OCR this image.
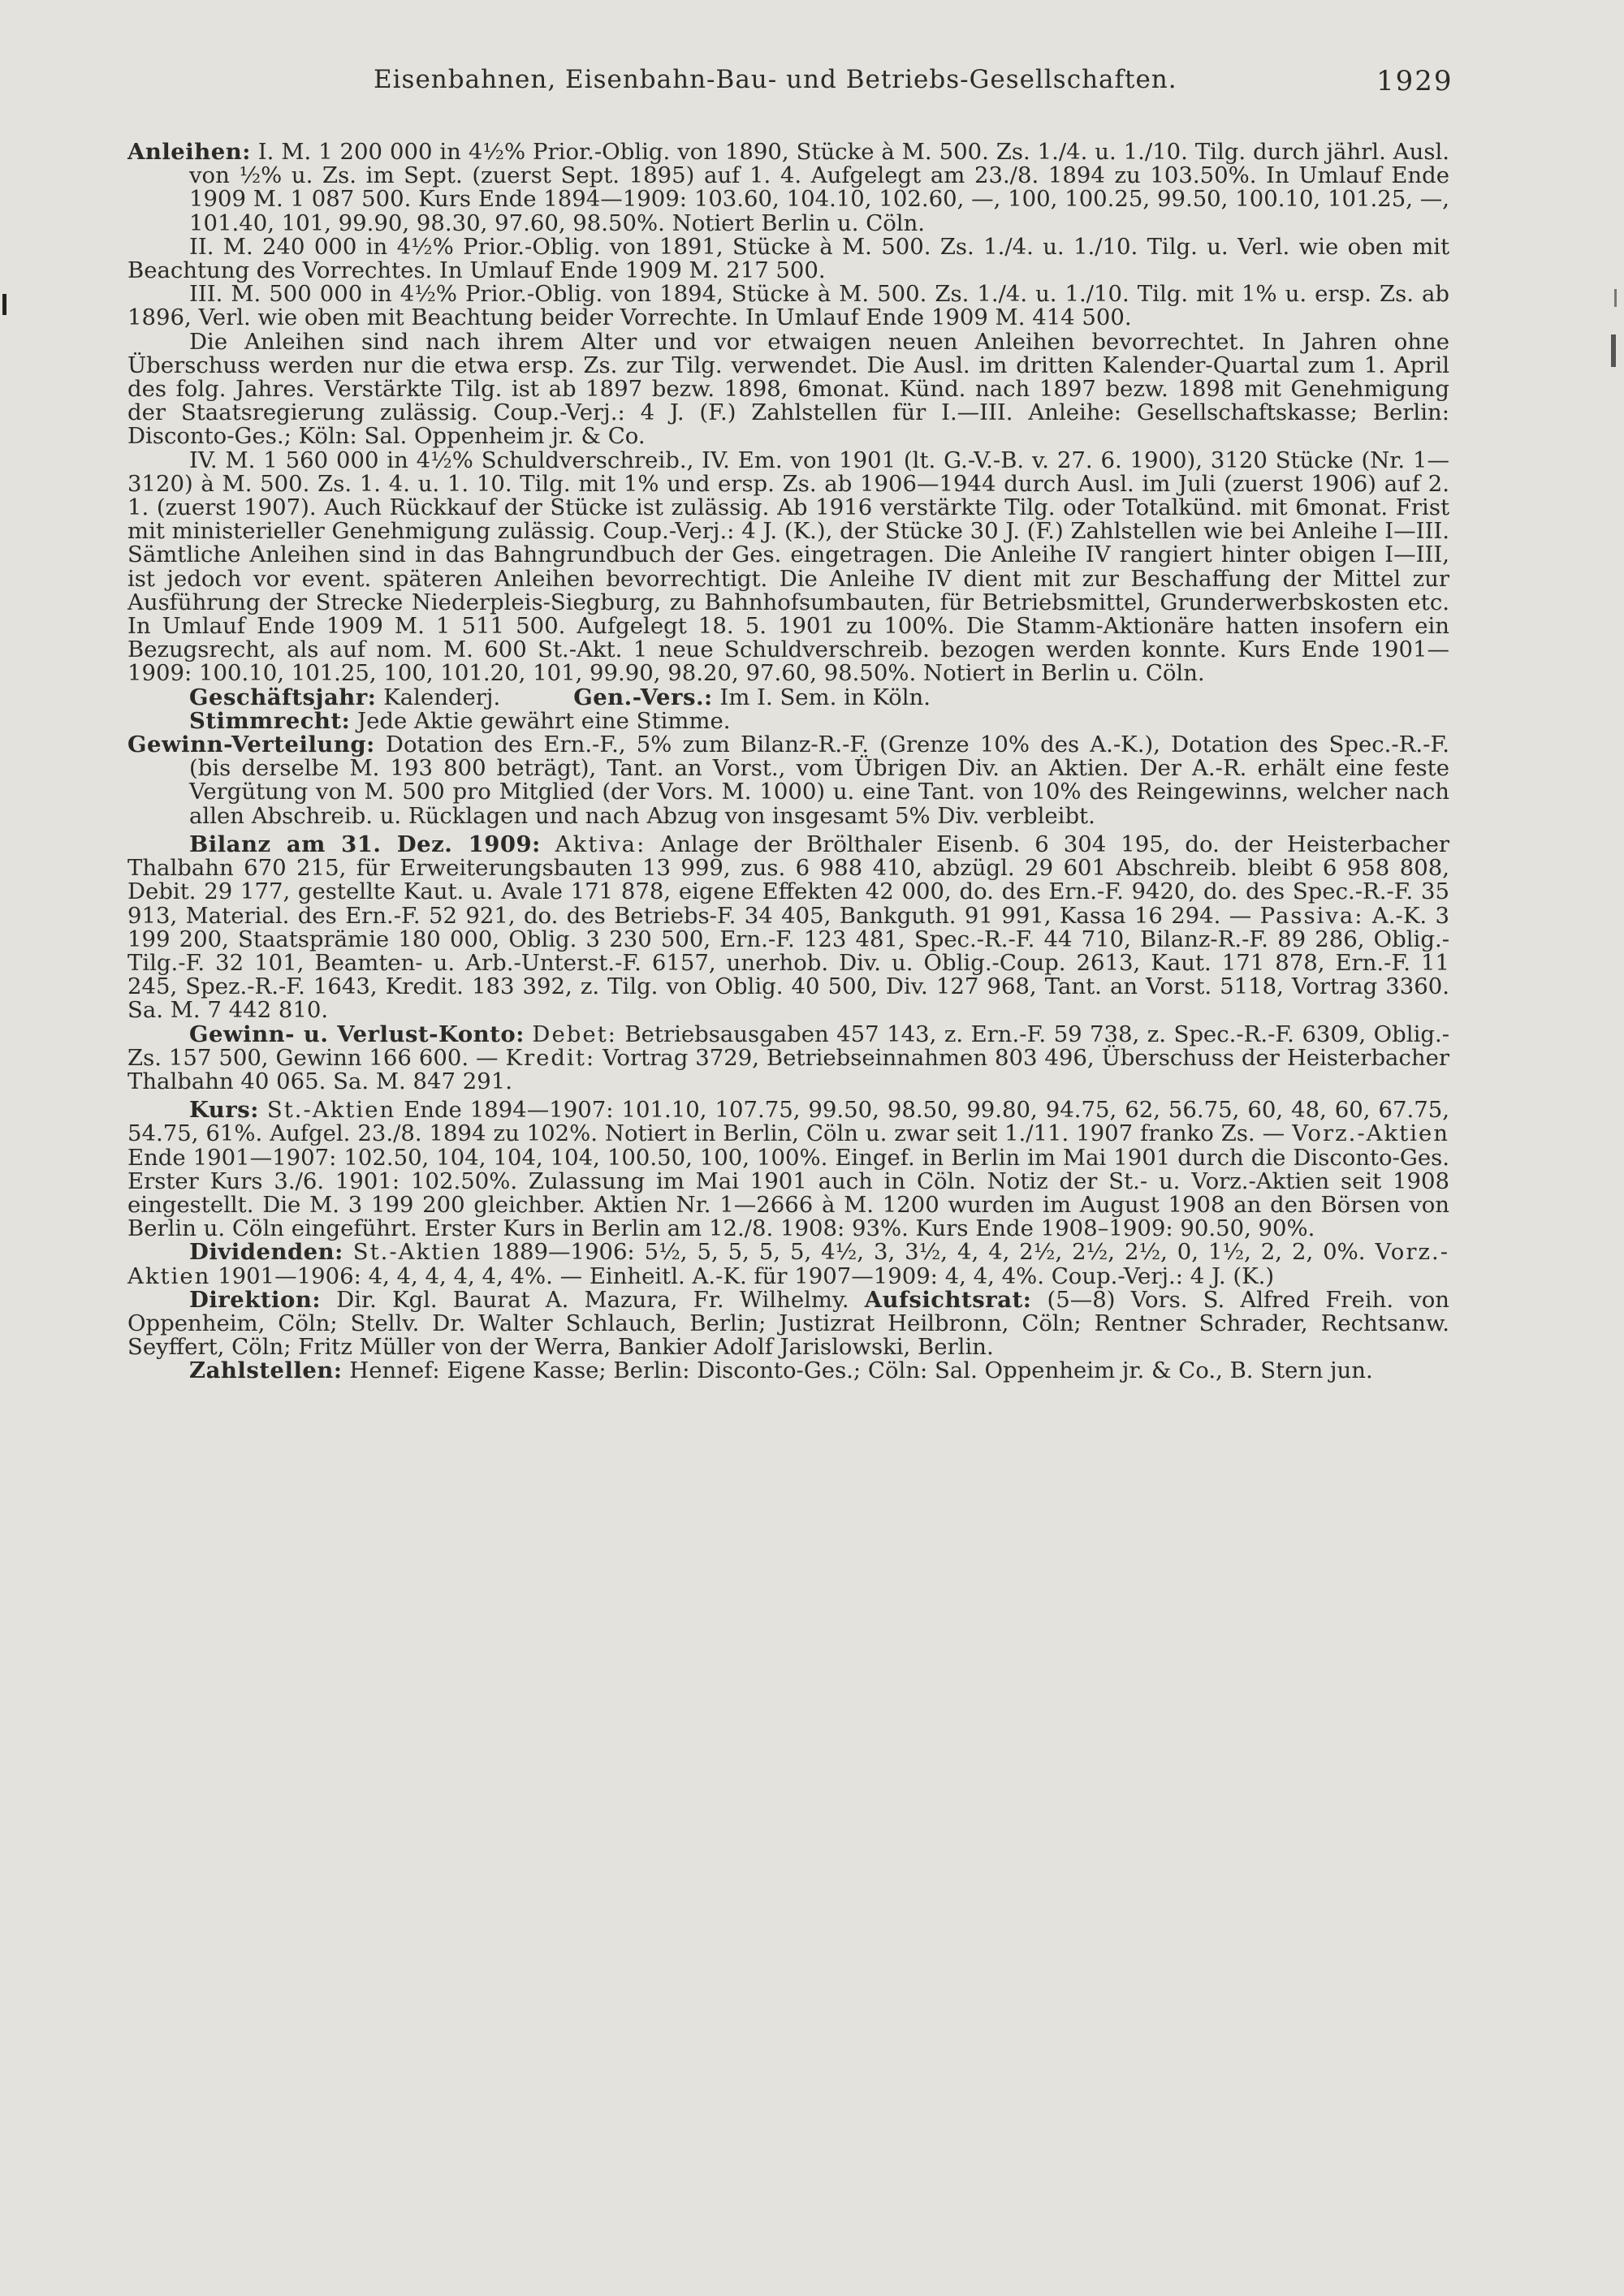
Eisenbahnen, Eisenbahn-Bau- und Betriebs-Gesellschaften.	1929

Anleihen: I. M. 1 200 000 in 4½% Prior.-Oblig. von 1890, Stücke à M. 500. Zs. 1./4. u. 1./10. Tilg. durch jährl. Ausl. von ½% u. Zs. im Sept. (zuerst Sept. 1895) auf 1. 4. Aufgelegt am 23./8. 1894 zu 103.50%. In Umlauf Ende 1909 M. 1 087 500. Kurs Ende 1894—1909: 103.60, 104.10, 102.60, —, 100, 100.25, 99.50, 100.10, 101.25, —, 101.40, 101, 99.90, 98.30, 97.60, 98.50%. Notiert Berlin u. Cöln.

II. M. 240 000 in 4½% Prior.-Oblig. von 1891, Stücke à M. 500. Zs. 1./4. u. 1./10. Tilg. u. Verl. wie oben mit Beachtung des Vorrechtes. In Umlauf Ende 1909 M. 217 500.

III. M. 500 000 in 4½% Prior.-Oblig. von 1894, Stücke à M. 500. Zs. 1./4. u. 1./10. Tilg. mit 1% u. ersp. Zs. ab 1896, Verl. wie oben mit Beachtung beider Vorrechte. In Umlauf Ende 1909 M. 414 500.

Die Anleihen sind nach ihrem Alter und vor etwaigen neuen Anleihen bevorrechtet. In Jahren ohne Überschuss werden nur die etwa ersp. Zs. zur Tilg. verwendet. Die Ausl. im dritten Kalender-Quartal zum 1. April des folg. Jahres. Verstärkte Tilg. ist ab 1897 bezw. 1898, 6monat. Künd. nach 1897 bezw. 1898 mit Genehmigung der Staatsregierung zulässig. Coup.-Verj.: 4 J. (F.) Zahlstellen für I.—III. Anleihe: Gesellschaftskasse; Berlin: Disconto-Ges.; Köln: Sal. Oppenheim jr. & Co.

IV. M. 1 560 000 in 4½% Schuldverschreib., IV. Em. von 1901 (lt. G.-V.-B. v. 27. 6. 1900), 3120 Stücke (Nr. 1—3120) à M. 500. Zs. 1. 4. u. 1. 10. Tilg. mit 1% und ersp. Zs. ab 1906—1944 durch Ausl. im Juli (zuerst 1906) auf 2. 1. (zuerst 1907). Auch Rückkauf der Stücke ist zulässig. Ab 1916 verstärkte Tilg. oder Totalkünd. mit 6monat. Frist mit ministerieller Genehmigung zulässig. Coup.-Verj.: 4 J. (K.), der Stücke 30 J. (F.) Zahlstellen wie bei Anleihe I—III. Sämtliche Anleihen sind in das Bahngrundbuch der Ges. eingetragen. Die Anleihe IV rangiert hinter obigen I—III, ist jedoch vor event. späteren Anleihen bevorrechtigt. Die Anleihe IV dient mit zur Beschaffung der Mittel zur Ausführung der Strecke Niederpleis-Siegburg, zu Bahnhofsumbauten, für Betriebsmittel, Grunderwerbskosten etc. In Umlauf Ende 1909 M. 1 511 500. Aufgelegt 18. 5. 1901 zu 100%. Die Stamm-Aktionäre hatten insofern ein Bezugsrecht, als auf nom. M. 600 St.-Akt. 1 neue Schuldverschreib. bezogen werden konnte. Kurs Ende 1901—1909: 100.10, 101.25, 100, 101.20, 101, 99.90, 98.20, 97.60, 98.50%. Notiert in Berlin u. Cöln.

Geschäftsjahr: Kalenderj.	Gen.-Vers.: Im I. Sem. in Köln.

Stimmrecht: Jede Aktie gewährt eine Stimme.

Gewinn-Verteilung: Dotation des Ern.-F., 5% zum Bilanz-R.-F. (Grenze 10% des A.-K.), Dotation des Spec.-R.-F. (bis derselbe M. 193 800 beträgt), Tant. an Vorst., vom Übrigen Div. an Aktien. Der A.-R. erhält eine feste Vergütung von M. 500 pro Mitglied (der Vors. M. 1000) u. eine Tant. von 10% des Reingewinns, welcher nach allen Abschreib. u. Rücklagen und nach Abzug von insgesamt 5% Div. verbleibt.

Bilanz am 31. Dez. 1909: Aktiva: Anlage der Brölthaler Eisenb. 6 304 195, do. der Heisterbacher Thalbahn 670 215, für Erweiterungsbauten 13 999, zus. 6 988 410, abzügl. 29 601 Abschreib. bleibt 6 958 808, Debit. 29 177, gestellte Kaut. u. Avale 171 878, eigene Effekten 42 000, do. des Ern.-F. 9420, do. des Spec.-R.-F. 35 913, Material. des Ern.-F. 52 921, do. des Betriebs-F. 34 405, Bankguth. 91 991, Kassa 16 294. — Passiva: A.-K. 3 199 200, Staatsprämie 180 000, Oblig. 3 230 500, Ern.-F. 123 481, Spec.-R.-F. 44 710, Bilanz-R.-F. 89 286, Oblig.-Tilg.-F. 32 101, Beamten- u. Arb.-Unterst.-F. 6157, unerhob. Div. u. Oblig.-Coup. 2613, Kaut. 171 878, Ern.-F. 11 245, Spez.-R.-F. 1643, Kredit. 183 392, z. Tilg. von Oblig. 40 500, Div. 127 968, Tant. an Vorst. 5118, Vortrag 3360. Sa. M. 7 442 810.

Gewinn- u. Verlust-Konto: Debet: Betriebsausgaben 457 143, z. Ern.-F. 59 738, z. Spec.-R.-F. 6309, Oblig.-Zs. 157 500, Gewinn 166 600. — Kredit: Vortrag 3729, Betriebseinnahmen 803 496, Überschuss der Heisterbacher Thalbahn 40 065. Sa. M. 847 291.

Kurs: St.-Aktien Ende 1894—1907: 101.10, 107.75, 99.50, 98.50, 99.80, 94.75, 62, 56.75, 60, 48, 60, 67.75, 54.75, 61%. Aufgel. 23./8. 1894 zu 102%. Notiert in Berlin, Cöln u. zwar seit 1./11. 1907 franko Zs. — Vorz.-Aktien Ende 1901—1907: 102.50, 104, 104, 104, 100.50, 100, 100%. Eingef. in Berlin im Mai 1901 durch die Disconto-Ges. Erster Kurs 3./6. 1901: 102.50%. Zulassung im Mai 1901 auch in Cöln. Notiz der St.- u. Vorz.-Aktien seit 1908 eingestellt. Die M. 3 199 200 gleichber. Aktien Nr. 1—2666 à M. 1200 wurden im August 1908 an den Börsen von Berlin u. Cöln eingeführt. Erster Kurs in Berlin am 12./8. 1908: 93%. Kurs Ende 1908–1909: 90.50, 90%.

Dividenden: St.-Aktien 1889—1906: 5½, 5, 5, 5, 5, 4½, 3, 3½, 4, 4, 2½, 2½, 2½, 0, 1½, 2, 2, 0%. Vorz.-Aktien 1901—1906: 4, 4, 4, 4, 4, 4%. — Einheitl. A.-K. für 1907—1909: 4, 4, 4%. Coup.-Verj.: 4 J. (K.)

Direktion: Dir. Kgl. Baurat A. Mazura, Fr. Wilhelmy. Aufsichtsrat: (5—8) Vors. S. Alfred Freih. von Oppenheim, Cöln; Stellv. Dr. Walter Schlauch, Berlin; Justizrat Heilbronn, Cöln; Rentner Schrader, Rechtsanw. Seyffert, Cöln; Fritz Müller von der Werra, Bankier Adolf Jarislowski, Berlin.

Zahlstellen: Hennef: Eigene Kasse; Berlin: Disconto-Ges.; Cöln: Sal. Oppenheim jr. & Co., B. Stern jun.
